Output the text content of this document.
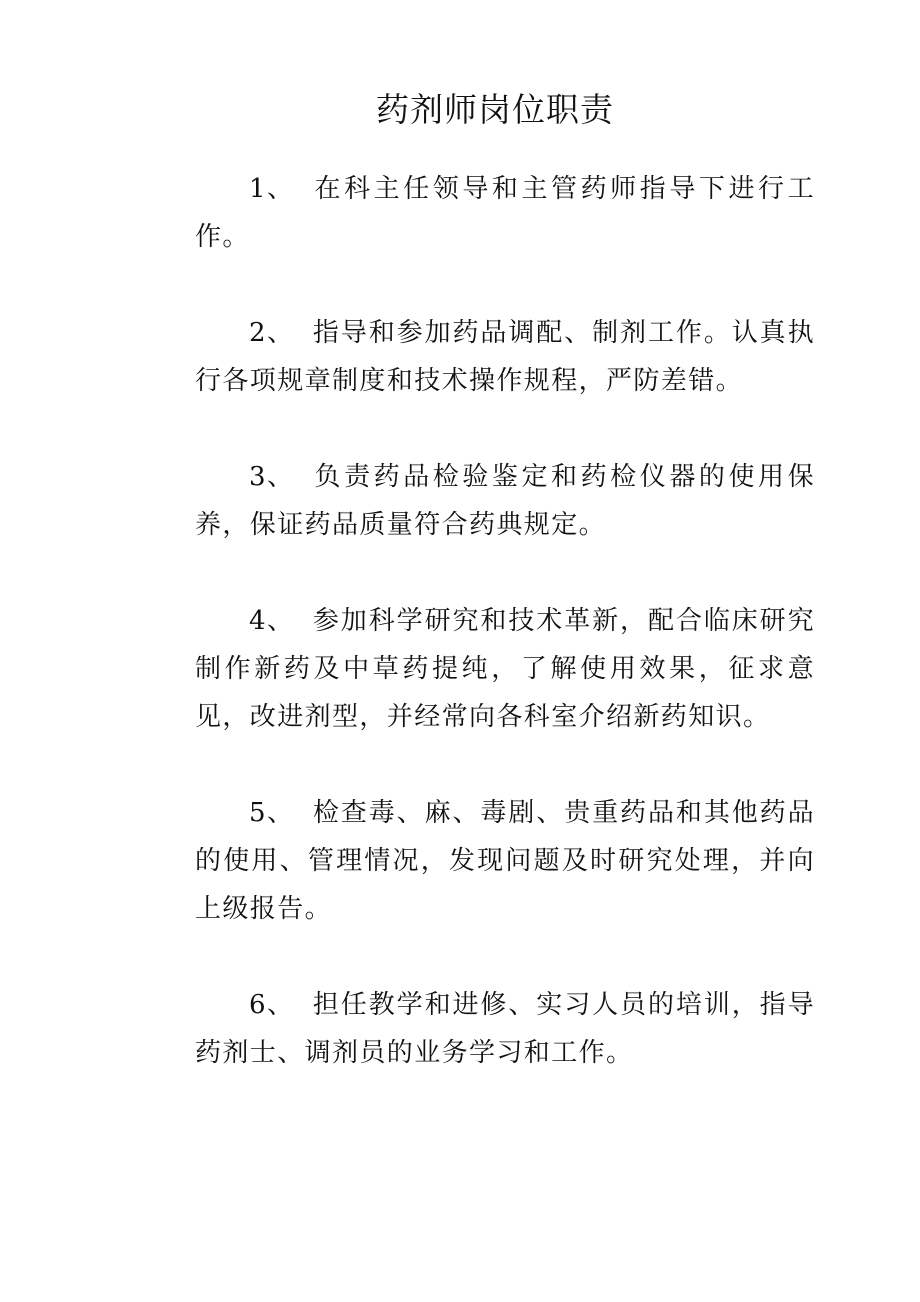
药剂师岗位职责
1、 在科主任领导和主管药师指导下进行工作。
2、 指导和参加药品调配、制剂工作。认真执行各项规章制度和技术操作规程，严防差错。
3、 负责药品检验鉴定和药检仪器的使用保养，保证药品质量符合药典规定。
4、 参加科学研究和技术革新，配合临床研究制作新药及中草药提纯，了解使用效果，征求意见，改进剂型，并经常向各科室介绍新药知识。
5、 检查毒、麻、毒剧、贵重药品和其他药品的使用、管理情况，发现问题及时研究处理，并向上级报告。
6、 担任教学和进修、实习人员的培训，指导药剂士、调剂员的业务学习和工作。
